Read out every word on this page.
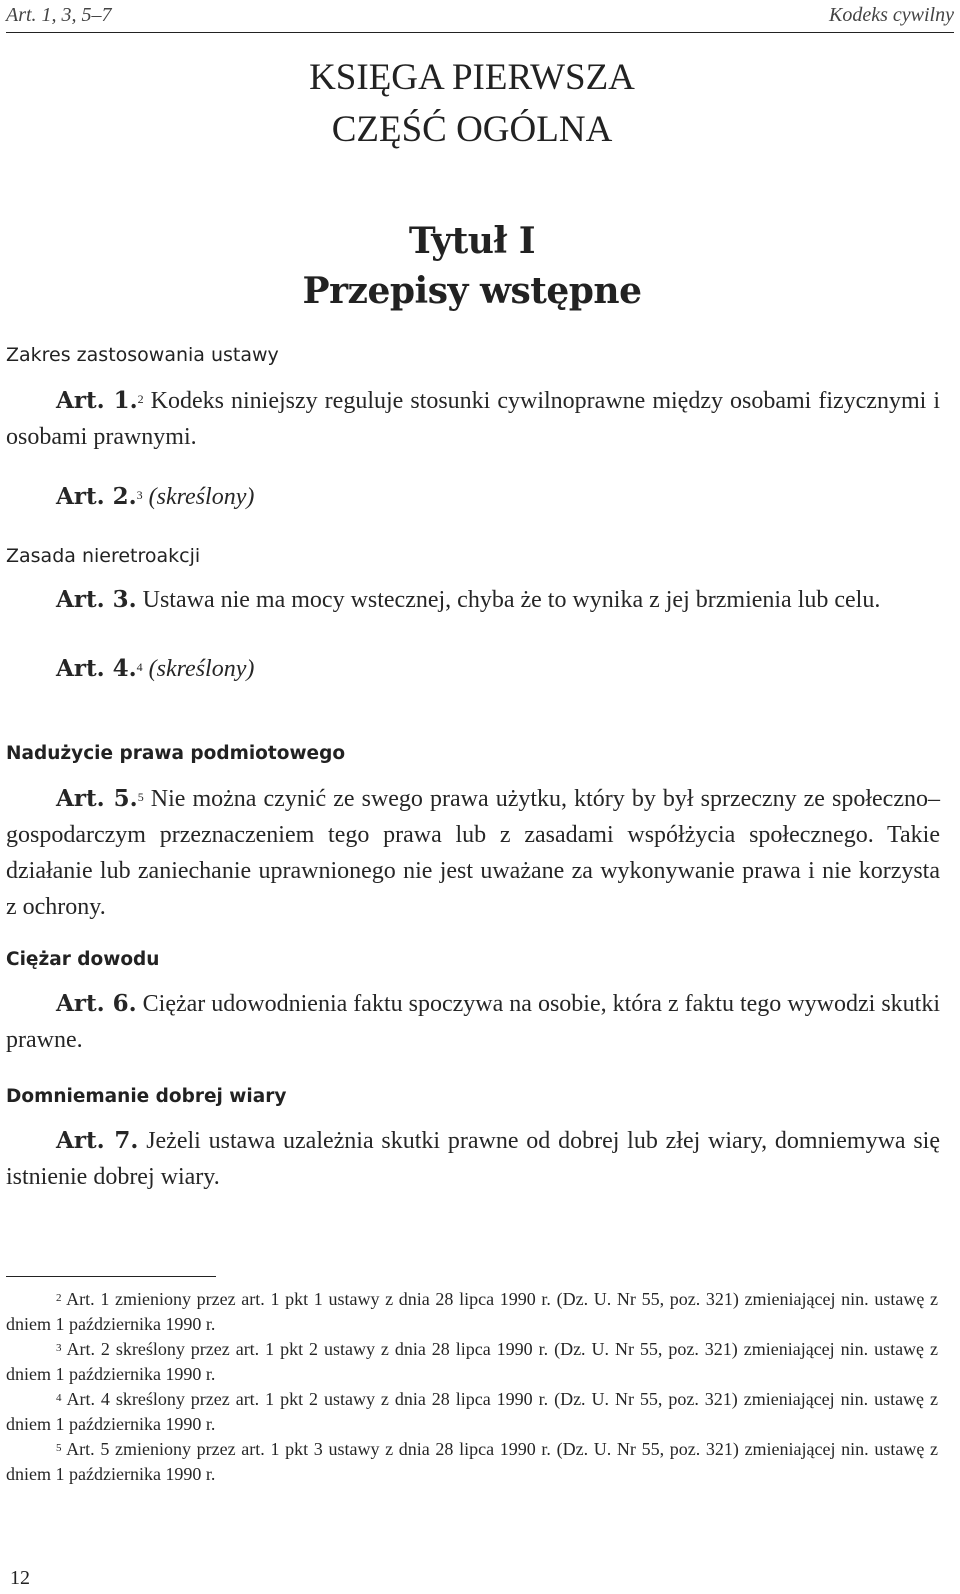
Art. 1, 3, 5–7	Kodeks cywilny
KSIĘGA PIERWSZA
CZĘŚĆ OGÓLNA
Tytuł I
Przepisy wstępne
Zakres zastosowania ustawy
Art. 1.$^2$ Kodeks niniejszy reguluje stosunki cywilnoprawne między osobami fizycznymi i osobami prawnymi.
Art. 2.$^3$ (skreślony)
Zasada nieretroakcji
Art. 3. Ustawa nie ma mocy wstecznej, chyba że to wynika z jej brzmienia lub celu.
Art. 4.$^4$ (skreślony)
Nadużycie prawa podmiotowego
Art. 5.$^5$ Nie można czynić ze swego prawa użytku, który by był sprzeczny ze społeczno–gospodarczym przeznaczeniem tego prawa lub z zasadami współżycia społecznego. Takie działanie lub zaniechanie uprawnionego nie jest uważane za wykonywanie prawa i nie korzysta z ochrony.
Ciężar dowodu
Art. 6. Ciężar udowodnienia faktu spoczywa na osobie, która z faktu tego wywodzi skutki prawne.
Domniemanie dobrej wiary
Art. 7. Jeżeli ustawa uzależnia skutki prawne od dobrej lub złej wiary, domniemywa się istnienie dobrej wiary.

$^2$ Art. 1 zmieniony przez art. 1 pkt 1 ustawy z dnia 28 lipca 1990 r. (Dz. U. Nr 55, poz. 321) zmieniającej nin. ustawę z dniem 1 października 1990 r.

$^3$ Art. 2 skreślony przez art. 1 pkt 2 ustawy z dnia 28 lipca 1990 r. (Dz. U. Nr 55, poz. 321) zmieniającej nin. ustawę z dniem 1 października 1990 r.

$^4$ Art. 4 skreślony przez art. 1 pkt 2 ustawy z dnia 28 lipca 1990 r. (Dz. U. Nr 55, poz. 321) zmieniającej nin. ustawę z dniem 1 października 1990 r.

$^5$ Art. 5 zmieniony przez art. 1 pkt 3 ustawy z dnia 28 lipca 1990 r. (Dz. U. Nr 55, poz. 321) zmieniającej nin. ustawę z dniem 1 października 1990 r.

12
